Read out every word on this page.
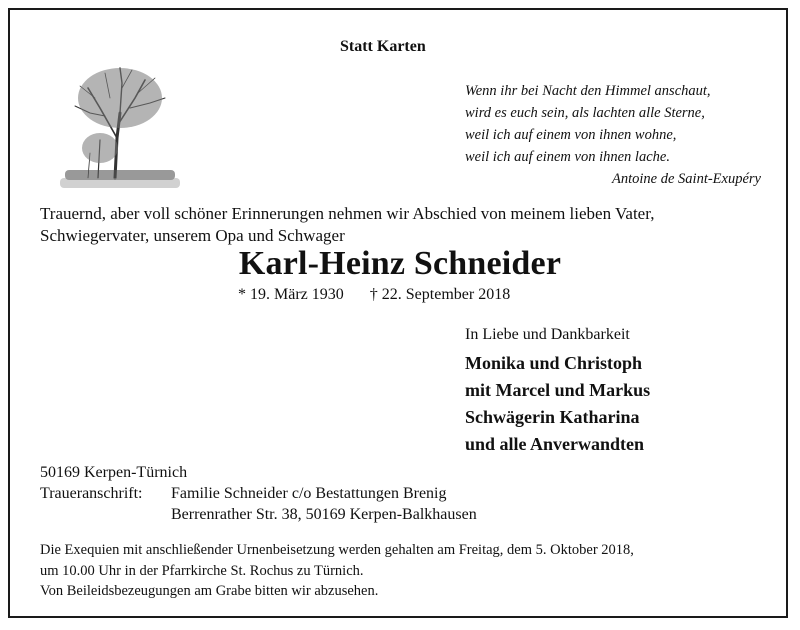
Statt Karten
Wenn ihr bei Nacht den Himmel anschaut,
wird es euch sein, als lachten alle Sterne,
weil ich auf einem von ihnen wohne,
weil ich auf einem von ihnen lache.
Antoine de Saint-Exupéry
Trauernd, aber voll schöner Erinnerungen nehmen wir Abschied von meinem lieben Vater,
Schwiegervater, unserem Opa und Schwager
Karl-Heinz Schneider
* 19. März 1930 † 22. September 2018
In Liebe und Dankbarkeit
Monika und Christoph
mit Marcel und Markus
Schwägerin Katharina
und alle Anverwandten
50169 Kerpen-Türnich
Traueranschrift:	Familie Schneider c/o Bestattungen Brenig
Berrenrather Str. 38, 50169 Kerpen-Balkhausen
Die Exequien mit anschließender Urnenbeisetzung werden gehalten am Freitag, dem 5. Oktober 2018,
um 10.00 Uhr in der Pfarrkirche St. Rochus zu Türnich.
Von Beileidsbezeugungen am Grabe bitten wir abzusehen.
